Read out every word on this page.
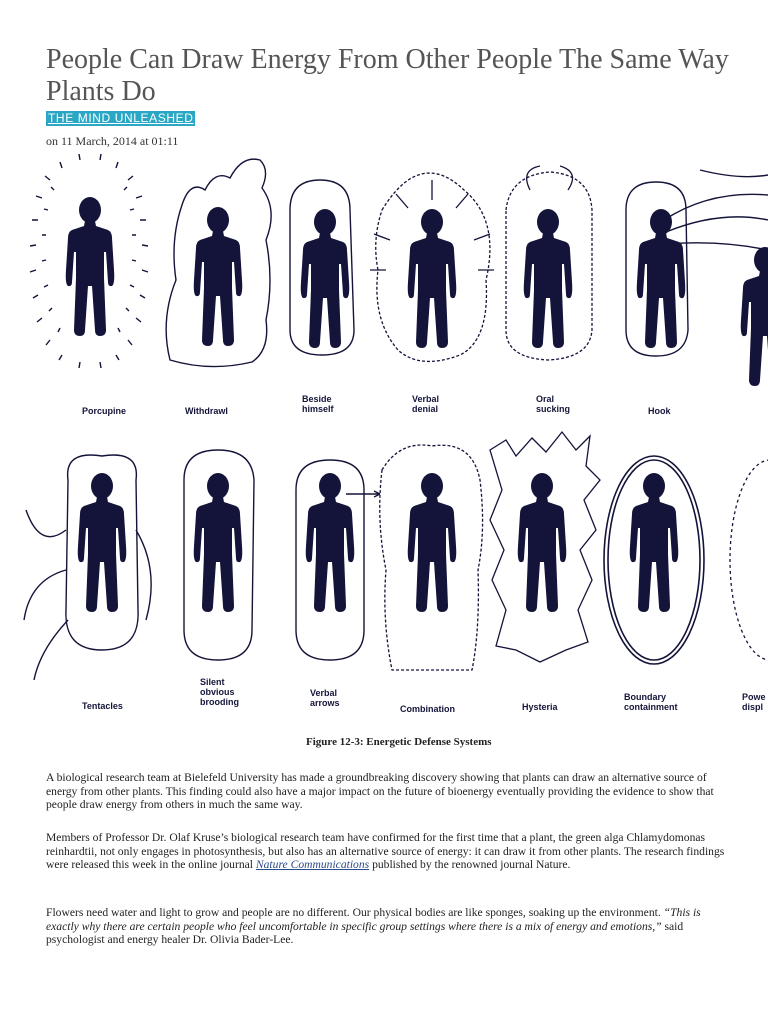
People Can Draw Energy From Other People The Same Way Plants Do
THE MIND UNLEASHED
on 11 March, 2014 at 01:11
Porcupine	Withdrawl
Beside
himself
Verbal
denial
Oral
sucking	Hook
Tentacles
Silent
obvious
brooding
Verbal
arrows
Combination	Hysteria
Boundary
containment
Powe
displ
Figure 12-3: Energetic Defense Systems

A biological research team at Bielefeld University has made a groundbreaking discovery showing that plants can draw an alternative source of energy from other plants. This finding could also have a major impact on the future of bioenergy eventually providing the evidence to show that people draw energy from others in much the same way.

Members of Professor Dr. Olaf Kruse’s biological research team have confirmed for the first time that a plant, the green alga Chlamydomonas reinhardtii, not only engages in photosynthesis, but also has an alternative source of energy: it can draw it from other plants. The research findings were released this week in the online journal Nature Communications published by the renowned journal Nature.

Flowers need water and light to grow and people are no different. Our physical bodies are like sponges, soaking up the environment. “This is exactly why there are certain people who feel uncomfortable in specific group settings where there is a mix of energy and emotions,” said psychologist and energy healer Dr. Olivia Bader-Lee.
